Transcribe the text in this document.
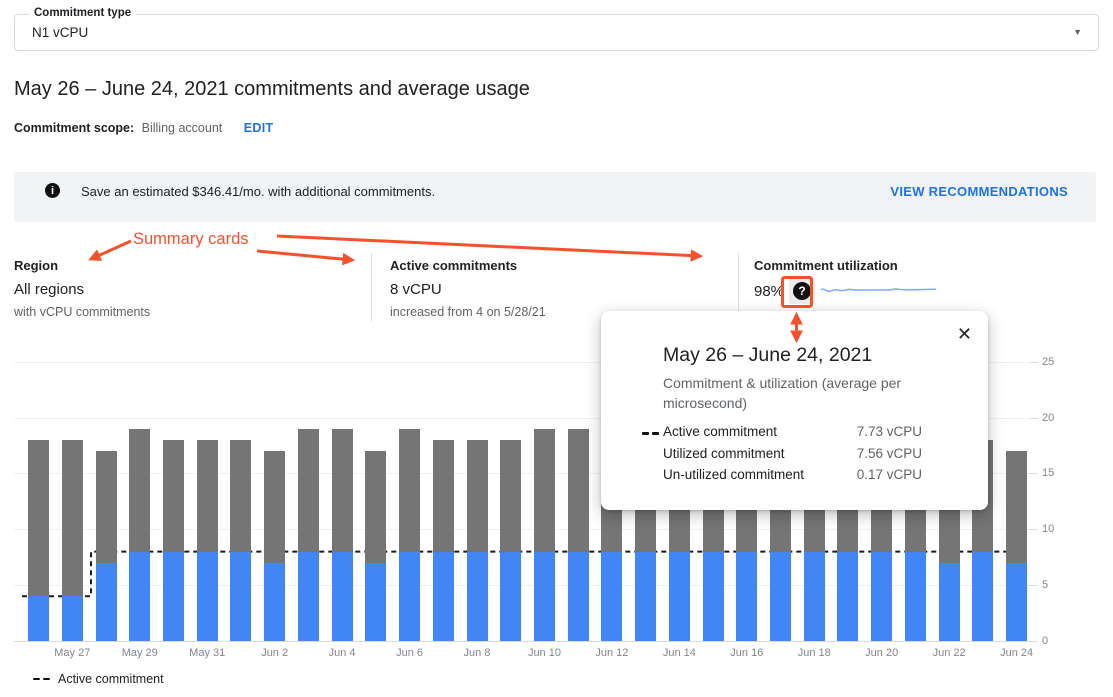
Commitment type
N1 vCPU	▼
May 26 – June 24, 2021 commitments and average usage
Commitment scope: Billing account EDIT
i	Save an estimated $346.41/mo. with additional commitments.	VIEW RECOMMENDATIONS
Region
All regions
with vCPU commitments
Active commitments
8 vCPU
increased from 4 on 5/28/21
Commitment utilization
98%	?
0
5
10
15
20
25
May 27	May 29	May 31	Jun 2	Jun 4	Jun 6	Jun 8	Jun 10	Jun 12	Jun 14	Jun 16	Jun 18	Jun 20	Jun 22	Jun 24
Active commitment
✕
May 26 – June 24, 2021
Commitment & utilization (average per microsecond)
Active commitment	7.73 vCPU
Utilized commitment	7.56 vCPU
Un-utilized commitment	0.17 vCPU
Summary cards
